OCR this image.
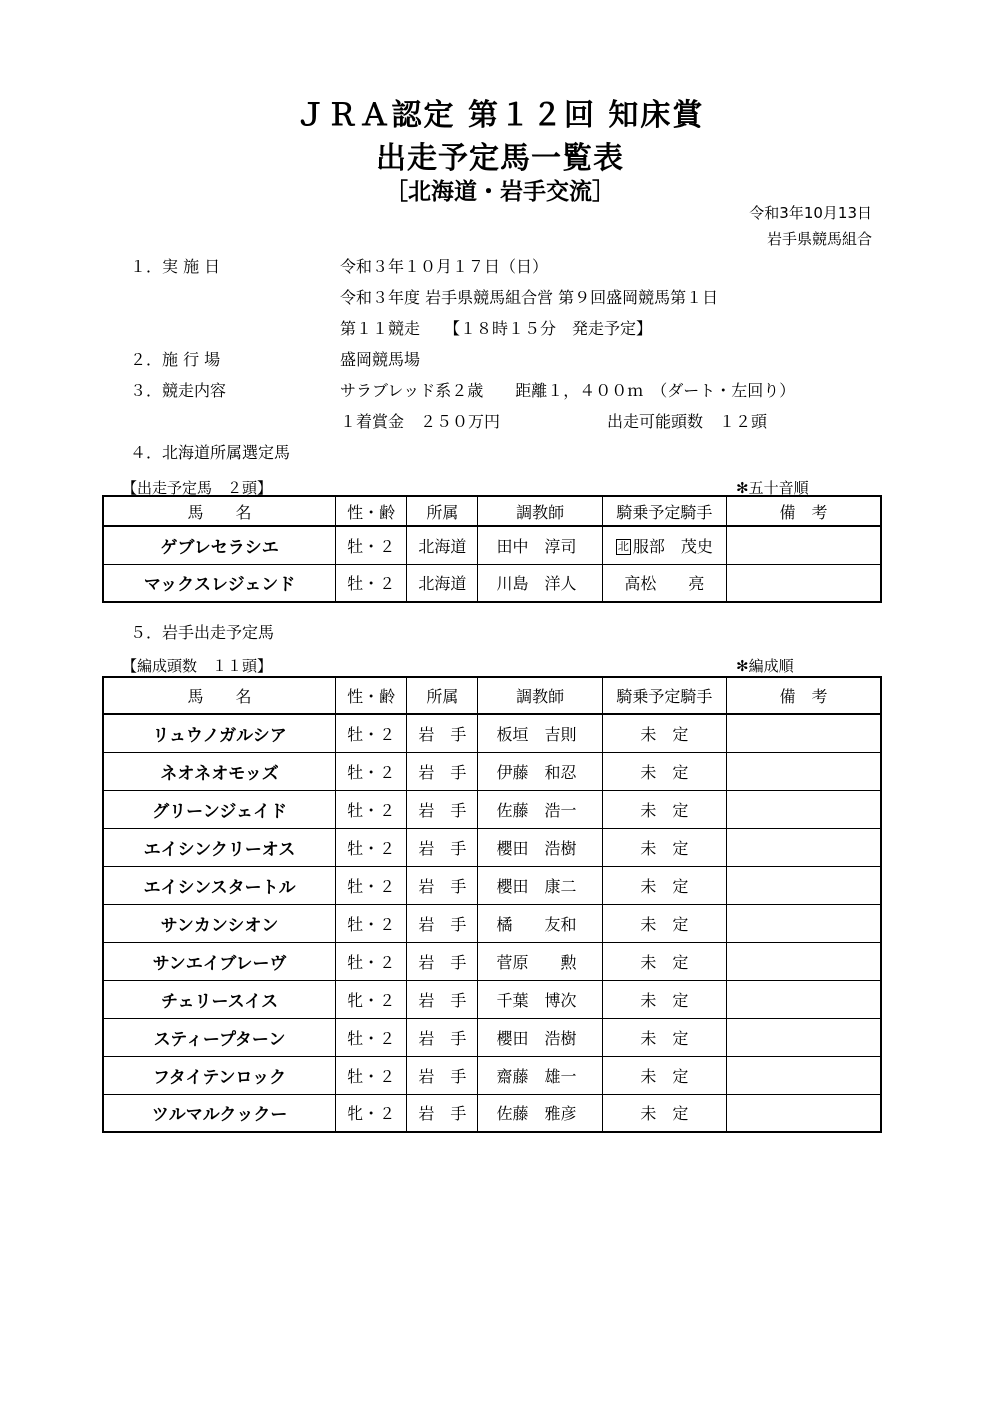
ＪＲＡ認定 第１２回 知床賞
出走予定馬一覧表
［北海道・岩手交流］
令和3年10月13日
岩手県競馬組合
１．実 施 日	令和３年１０月１７日（日）
令和３年度 岩手県競馬組合営 第９回盛岡競馬第１日
第１１競走　　【１８時１５分　発走予定】
２．施 行 場	盛岡競馬場
３．競走内容	サラブレッド系２歳　　距離１，４００ｍ　（ダート・左回り）
１着賞金　２５０万円	出走可能頭数　１２頭
４．北海道所属選定馬
【出走予定馬　２頭】	✻五十音順
馬　　名	性・齢	所属	調教師	騎乗予定騎手	備　考
ゲブレセラシエ	牡・２	北海道	田中　淳司	北 服部　茂史	
マックスレジェンド	牡・２	北海道	川島　洋人	高松　　亮	
５．岩手出走予定馬
【編成頭数　１１頭】	✻編成順
馬　　名	性・齢	所属	調教師	騎乗予定騎手	備　考
リュウノガルシア	牡・２	岩　手	板垣　吉則	未　定	
ネオネオモッズ	牡・２	岩　手	伊藤　和忍	未　定	
グリーンジェイド	牡・２	岩　手	佐藤　浩一	未　定	
エイシンクリーオス	牡・２	岩　手	櫻田　浩樹	未　定	
エイシンスタートル	牡・２	岩　手	櫻田　康二	未　定	
サンカンシオン	牡・２	岩　手	橘　　友和	未　定	
サンエイブレーヴ	牡・２	岩　手	菅原　　勲	未　定	
チェリースイス	牝・２	岩　手	千葉　博次	未　定	
スティープターン	牡・２	岩　手	櫻田　浩樹	未　定	
フタイテンロック	牡・２	岩　手	齋藤　雄一	未　定	
ツルマルクックー	牝・２	岩　手	佐藤　雅彦	未　定	
